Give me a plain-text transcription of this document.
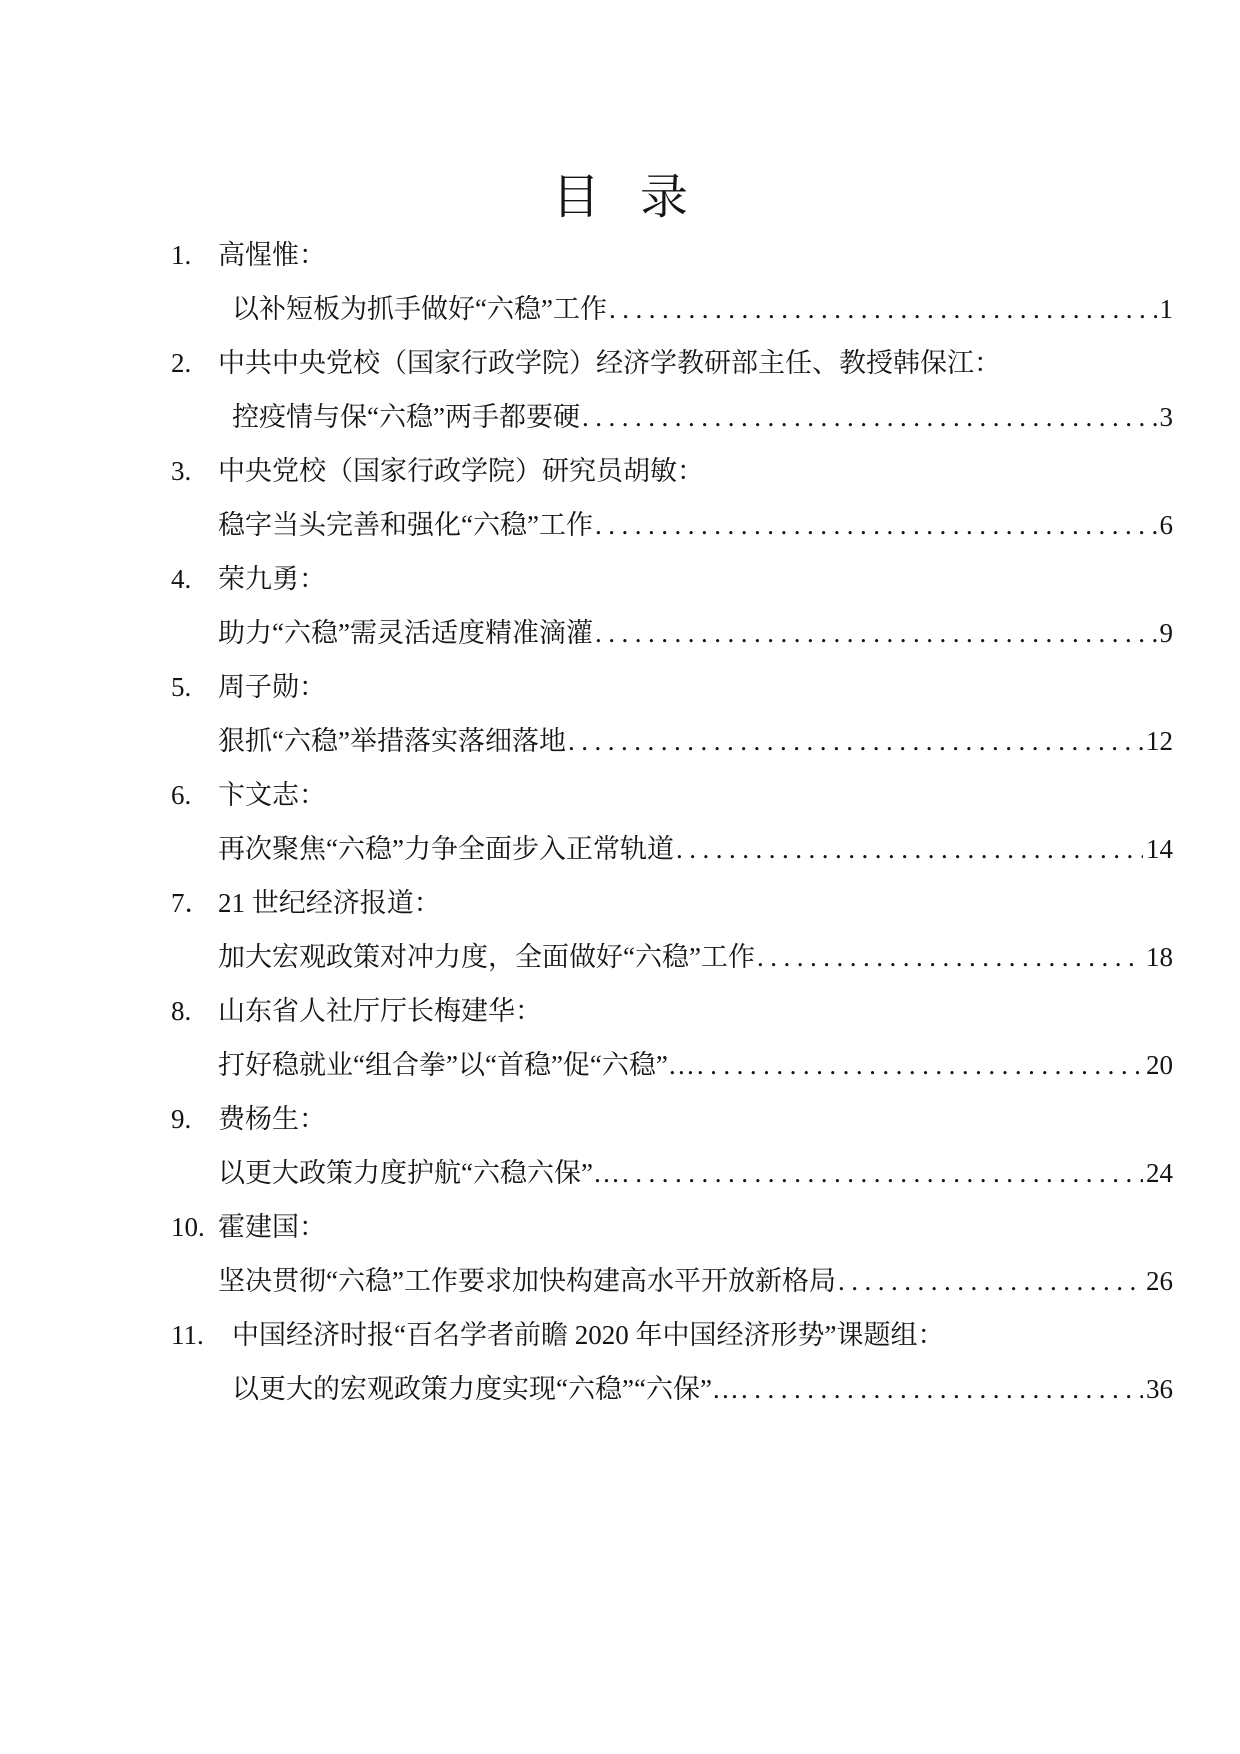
目 录
1. 高惺惟：
以补短板为抓手做好“六稳”工作 .....	1
2. 中共中央党校（国家行政学院）经济学教研部主任、教授韩保江：
控疫情与保“六稳”两手都要硬 .....	3
3. 中央党校（国家行政学院）研究员胡敏：
稳字当头完善和强化“六稳”工作 .....	6
4. 荣九勇：
助力“六稳”需灵活适度精准滴灌 .....	9
5. 周子勋：
狠抓“六稳”举措落实落细落地 .....	12
6. 卞文志：
再次聚焦“六稳”力争全面步入正常轨道 .....	14
7． 21 世纪经济报道：
加大宏观政策对冲力度，全面做好“六稳”工作 .....	18
8. 山东省人社厅厅长梅建华：
打好稳就业“组合拳”以“首稳”促“六稳”… .....	20
9. 费杨生：
以更大政策力度护航“六稳六保”… .....	24
10. 霍建国：
坚决贯彻“六稳”工作要求加快构建高水平开放新格局 .....	26
11. 中国经济时报“百名学者前瞻 2020 年中国经济形势”课题组：
以更大的宏观政策力度实现“六稳”“六保”… .....	36
